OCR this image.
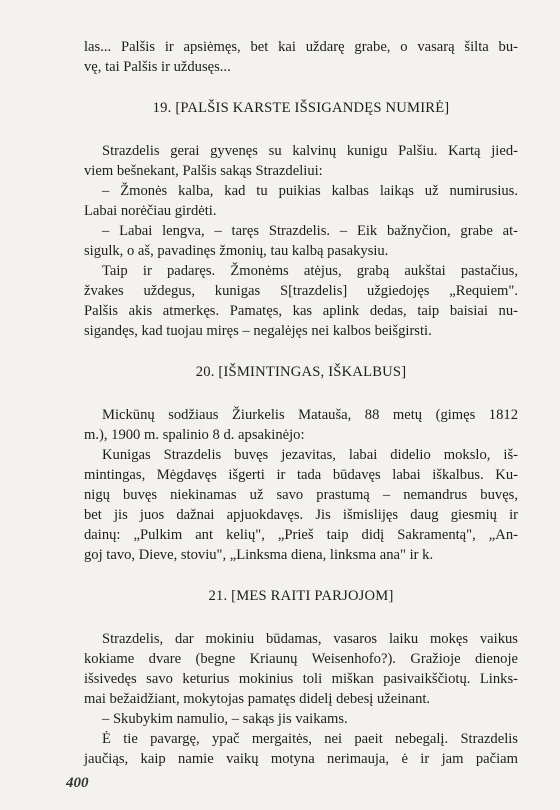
las... Palšis ir apsiėmęs, bet kai uždarę grabe, o vasarą šilta bu-
vę, tai Palšis ir uždusęs...
19. [PALŠIS KARSTE IŠSIGANDĘS NUMIRĖ]
Strazdelis gerai gyvenęs su kalvinų kunigu Palšiu. Kartą jied-
viem bešnekant, Palšis sakąs Strazdeliui:
– Žmonės kalba, kad tu puikias kalbas laikąs už numirusius.
Labai norėčiau girdėti.
– Labai lengva, – taręs Strazdelis. – Eik bažnyčion, grabe at-
sigulk, o aš, pavadinęs žmonių, tau kalbą pasakysiu.
Taip ir padaręs. Žmonėms atėjus, grabą aukštai pastačius,
žvakes uždegus, kunigas S[trazdelis] užgiedojęs „Requiem".
Palšis akis atmerkęs. Pamatęs, kas aplink dedas, taip baisiai nu-
sigandęs, kad tuojau miręs – negalėjęs nei kalbos beišgirsti.
20. [IŠMINTINGAS, IŠKALBUS]
Mickūnų sodžiaus Žiurkelis Matauša, 88 metų (gimęs 1812
m.), 1900 m. spalinio 8 d. apsakinėjo:
Kunigas Strazdelis buvęs jezavitas, labai didelio mokslo, iš-
mintingas, Mėgdavęs išgerti ir tada būdavęs labai iškalbus. Ku-
nigų buvęs niekinamas už savo prastumą – nemandrus buvęs,
bet jis juos dažnai apjuokdavęs. Jis išmislijęs daug giesmių ir
dainų: „Pulkim ant kelių", „Prieš taip didį Sakramentą", „An-
goj tavo, Dieve, stoviu", „Linksma diena, linksma ana" ir k.
21. [MES RAITI PARJOJOM]
Strazdelis, dar mokiniu būdamas, vasaros laiku mokęs vaikus
kokiame dvare (begne Kriaunų Weisenhofo?). Gražioje dienoje
išsivedęs savo keturius mokinius toli miškan pasivaikščiotų. Links-
mai bežaidžiant, mokytojas pamatęs didelį debesį užeinant.
– Skubykim namulio, – sakąs jis vaikams.
Ė tie pavargę, ypač mergaitės, nei paeit nebegalį. Strazdelis
jaučiąs, kaip namie vaikų motyna nerimauja, ė ir jam pačiam
400
